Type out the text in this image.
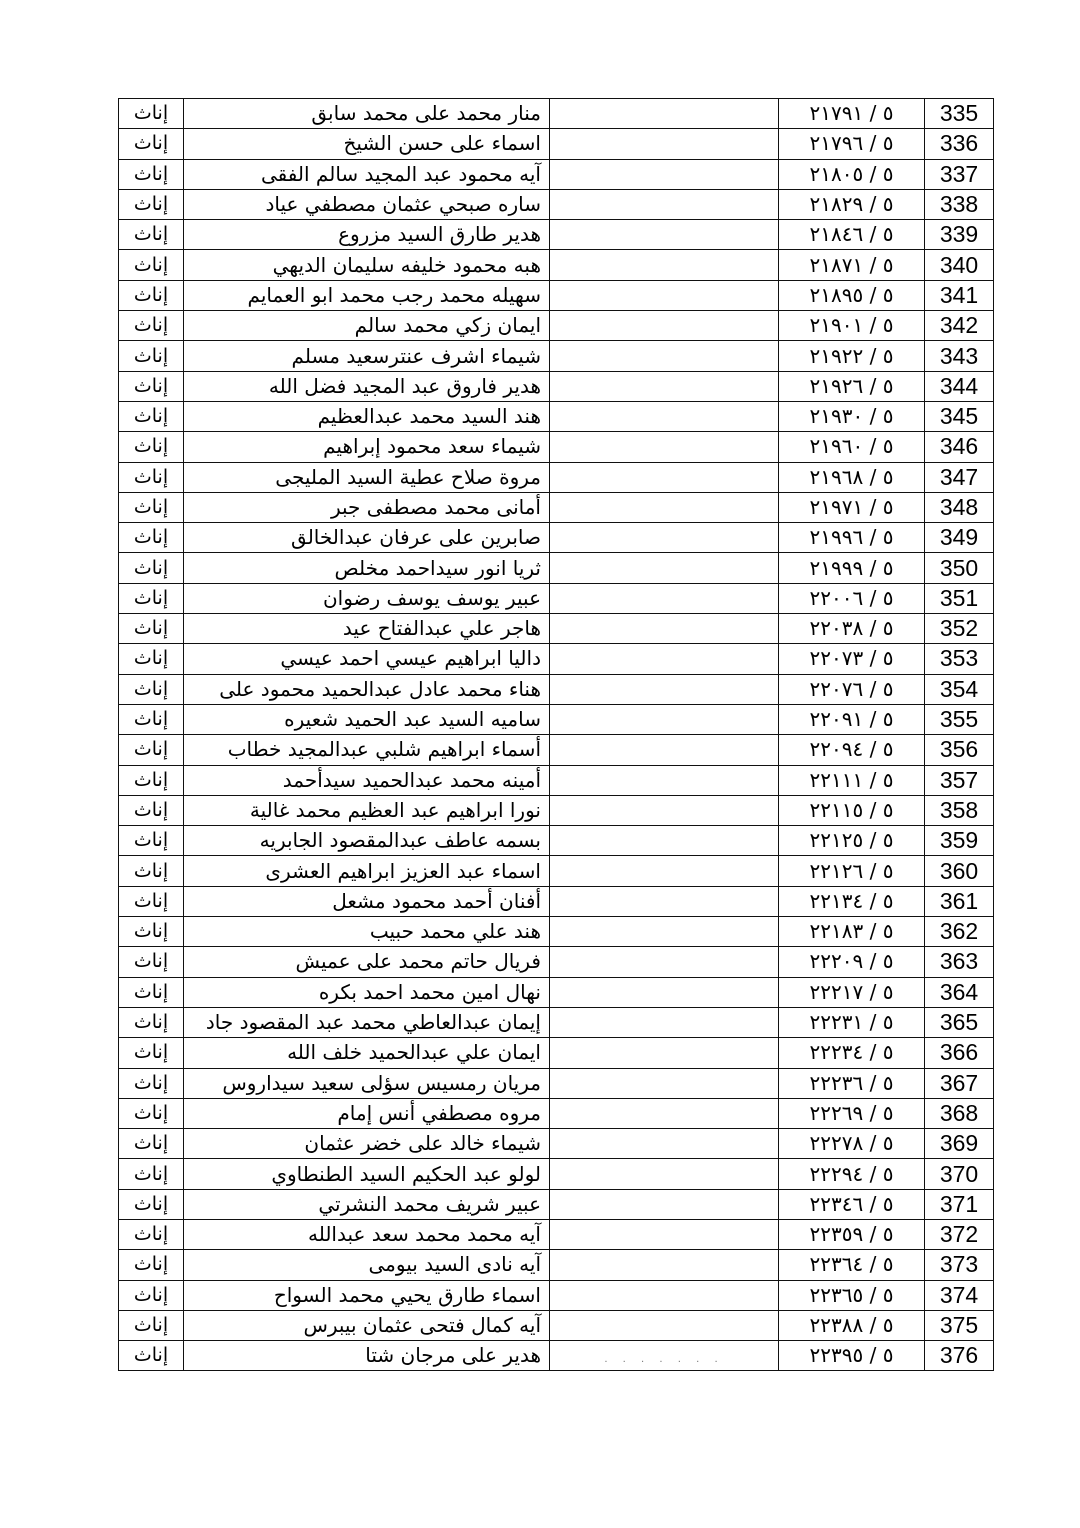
إناث	منار محمد على محمد سابق		٥ / ٢١٧٩١	335
إناث	اسماء على حسن الشيخ		٥ / ٢١٧٩٦	336
إناث	آيه محمود عبد المجيد سالم الفقى		٥ / ٢١٨٠٥	337
إناث	ساره صبحي عثمان مصطفي عياد		٥ / ٢١٨٢٩	338
إناث	هدير طارق السيد مزروع		٥ / ٢١٨٤٦	339
إناث	هبه محمود خليفه سليمان الديهي		٥ / ٢١٨٧١	340
إناث	سهيله محمد رجب محمد ابو العمايم		٥ / ٢١٨٩٥	341
إناث	ايمان زكي محمد سالم		٥ / ٢١٩٠١	342
إناث	شيماء اشرف عنترسعيد مسلم		٥ / ٢١٩٢٢	343
إناث	هدير فاروق عبد المجيد فضل الله		٥ / ٢١٩٢٦	344
إناث	هند السيد محمد عبدالعظيم		٥ / ٢١٩٣٠	345
إناث	شيماء سعد محمود إبراهيم		٥ / ٢١٩٦٠	346
إناث	مروة صلاح عطية السيد المليجى		٥ / ٢١٩٦٨	347
إناث	أمانى محمد مصطفى جبر		٥ / ٢١٩٧١	348
إناث	صابرين على عرفان عبدالخالق		٥ / ٢١٩٩٦	349
إناث	ثريا انور سيداحمد مخلص		٥ / ٢١٩٩٩	350
إناث	عبير يوسف يوسف رضوان		٥ / ٢٢٠٠٦	351
إناث	هاجر علي عبدالفتاح عيد		٥ / ٢٢٠٣٨	352
إناث	داليا ابراهيم عيسي احمد عيسي		٥ / ٢٢٠٧٣	353
إناث	هناء محمد عادل عبدالحميد محمود على		٥ / ٢٢٠٧٦	354
إناث	ساميه السيد عبد الحميد شعيره		٥ / ٢٢٠٩١	355
إناث	أسماء ابراهيم شلبي عبدالمجيد خطاب		٥ / ٢٢٠٩٤	356
إناث	أمينه محمد عبدالحميد سيدأحمد		٥ / ٢٢١١١	357
إناث	نورا ابراهيم عبد العظيم محمد غالية		٥ / ٢٢١١٥	358
إناث	بسمه عاطف عبدالمقصود الجابريه		٥ / ٢٢١٢٥	359
إناث	اسماء عبد العزيز ابراهيم العشرى		٥ / ٢٢١٢٦	360
إناث	أفنان أحمد محمود مشعل		٥ / ٢٢١٣٤	361
إناث	هند علي محمد حبيب		٥ / ٢٢١٨٣	362
إناث	فريال حاتم محمد على عميش		٥ / ٢٢٢٠٩	363
إناث	نهال امين محمد احمد بكره		٥ / ٢٢٢١٧	364
إناث	إيمان عبدالعاطي محمد عبد المقصود جاد		٥ / ٢٢٢٣١	365
إناث	ايمان علي عبدالحميد خلف الله		٥ / ٢٢٢٣٤	366
إناث	مريان رمسيس سؤلى سعيد سيداروس		٥ / ٢٢٢٣٦	367
إناث	مروه مصطفي أنس إمام		٥ / ٢٢٢٦٩	368
إناث	شيماء خالد على خضر عثمان		٥ / ٢٢٢٧٨	369
إناث	لولو عبد الحكيم السيد الطنطاوي		٥ / ٢٢٢٩٤	370
إناث	عبير شريف محمد النشرتي		٥ / ٢٢٣٤٦	371
إناث	آيه محمد محمد سعد عبدالله		٥ / ٢٢٣٥٩	372
إناث	آيه نادى السيد بيومى		٥ / ٢٢٣٦٤	373
إناث	اسماء طارق يحيي محمد السواح		٥ / ٢٢٣٦٥	374
إناث	آيه كمال فتحى عثمان بيبرس		٥ / ٢٢٣٨٨	375
إناث	هدير على مرجان شتا	· · · · · · ·	٥ / ٢٢٣٩٥	376
